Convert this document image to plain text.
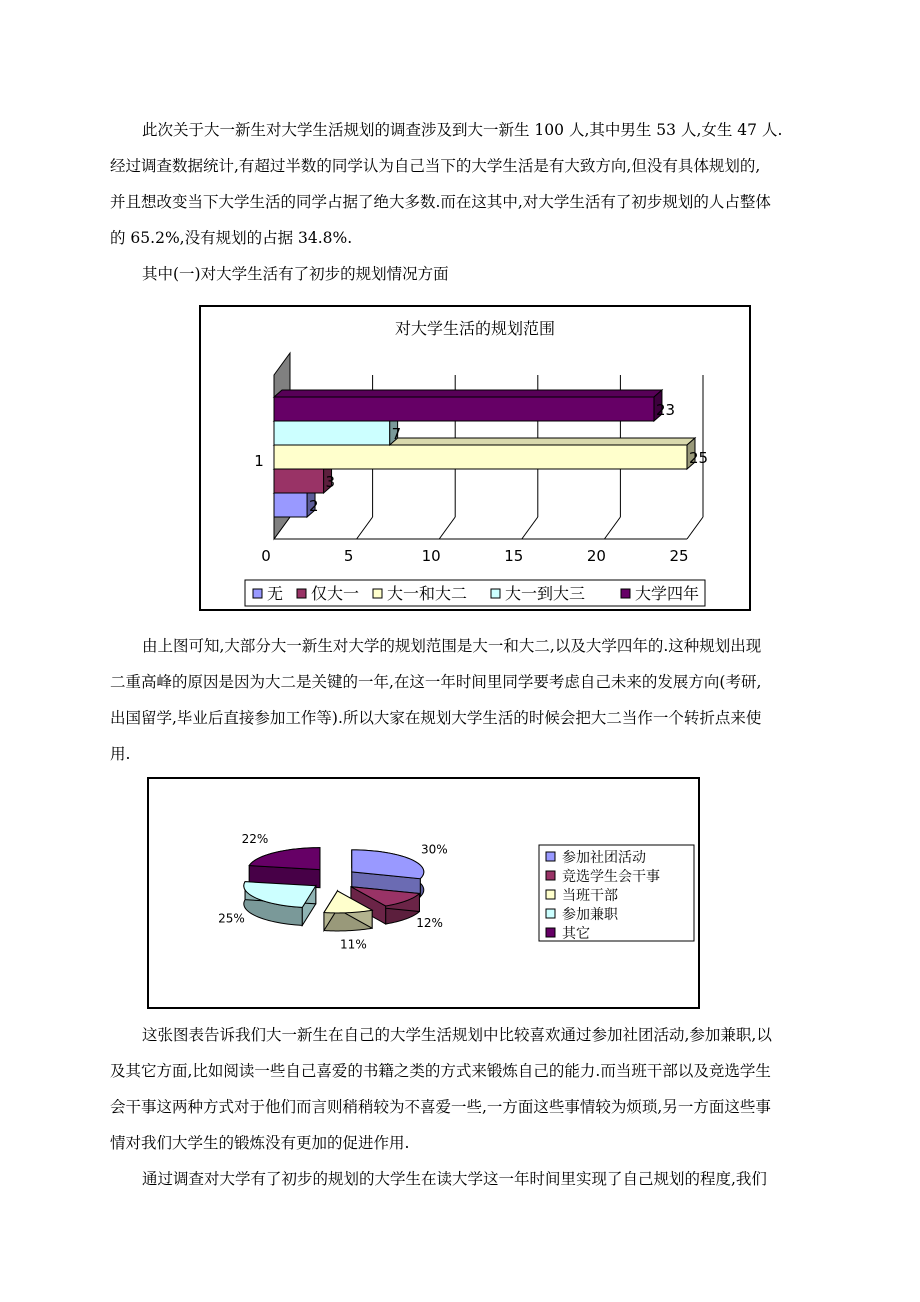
此次关于大一新生对大学生活规划的调查涉及到大一新生 100 人,其中男生 53 人,女生 47 人.
经过调查数据统计,有超过半数的同学认为自己当下的大学生活是有大致方向,但没有具体规划的,
并且想改变当下大学生活的同学占据了绝大多数.而在这其中,对大学生活有了初步规划的人占整体
的 65.2%,没有规划的占据 34.8%.
其中(一)对大学生活有了初步的规划情况方面
对大学生活的规划范围
0	5	10	15	20	25
1
2
3
25
7
23
无 仅大一 大一和大二 大一到大三	大学四年
由上图可知,大部分大一新生对大学的规划范围是大一和大二,以及大学四年的.这种规划出现
二重高峰的原因是因为大二是关键的一年,在这一年时间里同学要考虑自己未来的发展方向(考研,
出国留学,毕业后直接参加工作等).所以大家在规划大学生活的时候会把大二当作一个转折点来使
用.
30%
12%
11%
25%
22%
参加社团活动
竞选学生会干事
当班干部
参加兼职
其它
这张图表告诉我们大一新生在自己的大学生活规划中比较喜欢通过参加社团活动,参加兼职,以
及其它方面,比如阅读一些自己喜爱的书籍之类的方式来锻炼自己的能力.而当班干部以及竞选学生
会干事这两种方式对于他们而言则稍稍较为不喜爱一些,一方面这些事情较为烦琐,另一方面这些事
情对我们大学生的锻炼没有更加的促进作用.
通过调查对大学有了初步的规划的大学生在读大学这一年时间里实现了自己规划的程度,我们
